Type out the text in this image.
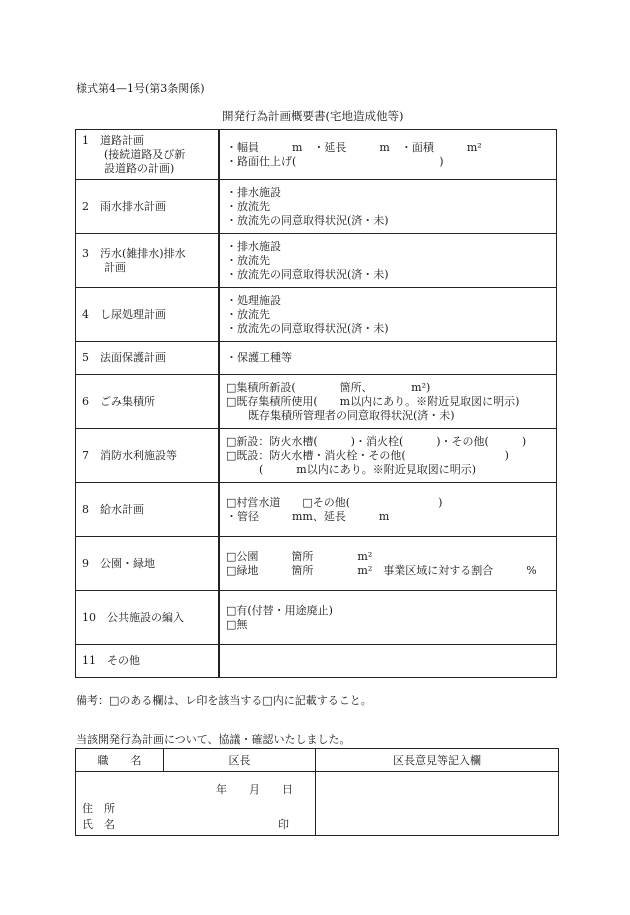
様式第4—1号(第3条関係)
開発行為計画概要書(宅地造成他等)
1　道路計画
　　(接続道路及び新
　　設道路の計画)	・幅員　　　m　・延長　　　m　・面積　　　m²
・路面仕上げ(　　　　　　　　　　　　　)

2　雨水排水計画	・排水施設
・放流先
・放流先の同意取得状況(済・未)

3　汚水(雑排水)排水
　　計画	・排水施設
・放流先
・放流先の同意取得状況(済・未)

4　し尿処理計画	・処理施設
・放流先
・放流先の同意取得状況(済・未)

5　法面保護計画	・保護工種等

6　ごみ集積所	□集積所新設(　　　　箇所、　　　　m²)
□既存集積所使用(　　m以内にあり。※附近見取図に明示)
　　既存集積所管理者の同意取得状況(済・未)

7　消防水利施設等	□新設：防火水槽(　　　)・消火栓(　　　)・その他(　　　)
□既設：防火水槽・消火栓・その他(　　　　　　　　　)
　　　(　　　m以内にあり。※附近見取図に明示)

8　給水計画	□村営水道　　□その他(　　　　　　　　)
・管径　　　mm、延長　　　m

9　公園・緑地	□公園　　　箇所　　　　m²
□緑地　　　箇所　　　　m²　事業区域に対する割合　　　%

10　公共施設の編入	□有(付替・用途廃止)
□無

11　その他	

備考：□のある欄は、レ印を該当する□内に記載すること。
当該開発行為計画について、協議・確認いたしました。
職　　名	区長	区長意見等記入欄

年　　月　　日
住　所
氏　名 印		
